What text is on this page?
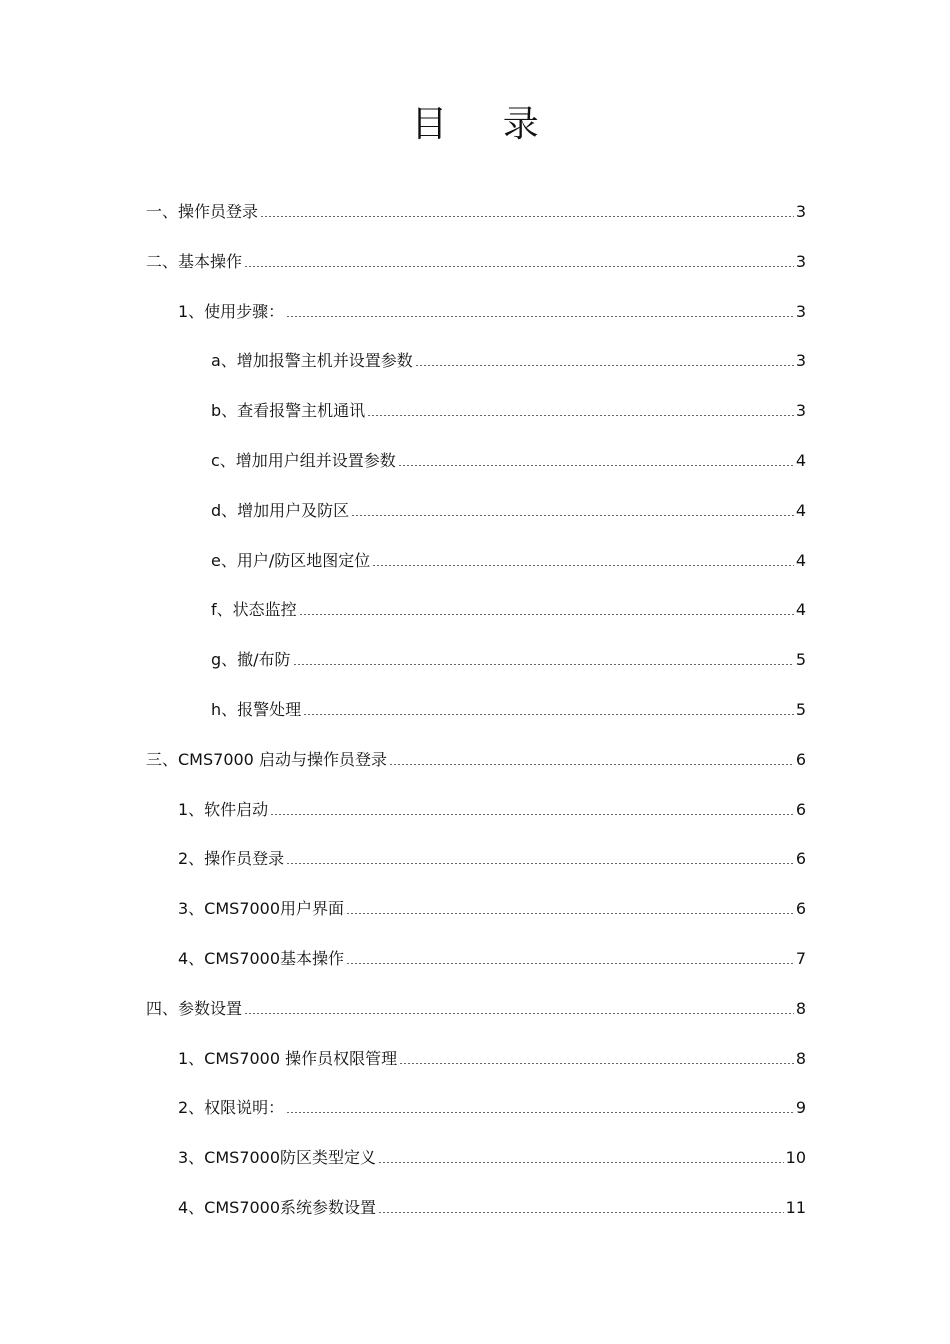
目 录
一、操作员登录	3
二、基本操作	3
1、使用步骤：	3
a、增加报警主机并设置参数	3
b、查看报警主机通讯	3
c、增加用户组并设置参数	4
d、增加用户及防区	4
e、用户/防区地图定位	4
f、状态监控	4
g、撤/布防	5
h、报警处理	5
三、CMS7000 启动与操作员登录	6
1、软件启动	6
2、操作员登录	6
3、CMS7000用户界面	6
4、CMS7000基本操作	7
四、参数设置	8
1、CMS7000 操作员权限管理	8
2、权限说明：	9
3、CMS7000防区类型定义	10
4、CMS7000系统参数设置	11
